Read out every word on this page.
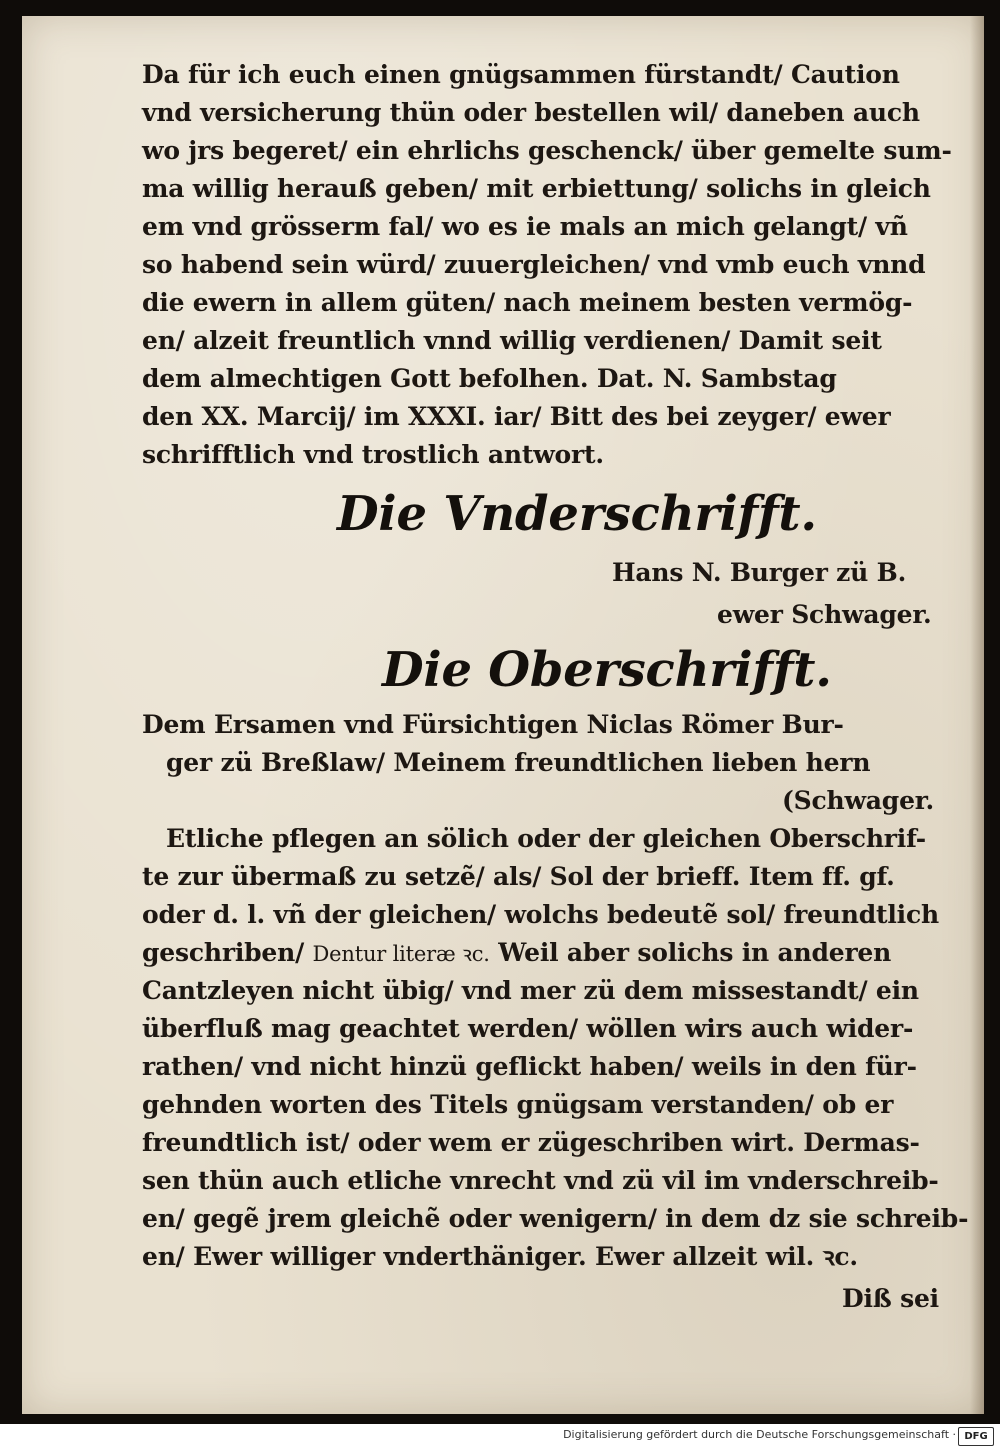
Da für ich euch einen gnügsammen fürstandt/ Caution
vnd versicherung thün oder bestellen wil/ daneben auch
wo jrs begeret/ ein ehrlichs geschenck/ über gemelte sum-
ma willig herauß geben/ mit erbiettung/ solichs in gleich
em vnd grösserm fal/ wo es ie mals an mich gelangt/ vñ
so habend sein würd/ zuuergleichen/ vnd vmb euch vnnd
die ewern in allem güten/ nach meinem besten vermög-
en/ alzeit freuntlich vnnd willig verdienen/ Damit seit
dem almechtigen Gott befolhen. Dat. N. Sambstag
den XX. Marcij/ im XXXI. iar/ Bitt des bei zeyger/ ewer
schrifftlich vnd trostlich antwort.
Die Vnderschrifft.
Hans N. Burger zü B.
ewer Schwager.
Die Oberschrifft.
Dem Ersamen vnd Fürsichtigen Niclas Römer Bur-
ger zü Breßlaw/ Meinem freundtlichen lieben hern
(Schwager.
Etliche pflegen an sölich oder der gleichen Oberschrif-
te zur übermaß zu setzẽ/ als/ Sol der brieff. Item ff. gf.
oder d. l. vñ der gleichen/ wolchs bedeutẽ sol/ freundtlich
geschriben/ Dentur literæ ꝛc. Weil aber solichs in anderen
Cantzleyen nicht übig/ vnd mer zü dem missestandt/ ein
überfluß mag geachtet werden/ wöllen wirs auch wider-
rathen/ vnd nicht hinzü geflickt haben/ weils in den für-
gehnden worten des Titels gnügsam verstanden/ ob er
freundtlich ist/ oder wem er zügeschriben wirt. Dermas-
sen thün auch etliche vnrecht vnd zü vil im vnderschreib-
en/ gegẽ jrem gleichẽ oder wenigern/ in dem dz sie schreib-
en/ Ewer williger vnderthäniger. Ewer allzeit wil. ꝛc.
Diß sei
Digitalisierung gefördert durch die Deutsche Forschungsgemeinschaft · DFG
